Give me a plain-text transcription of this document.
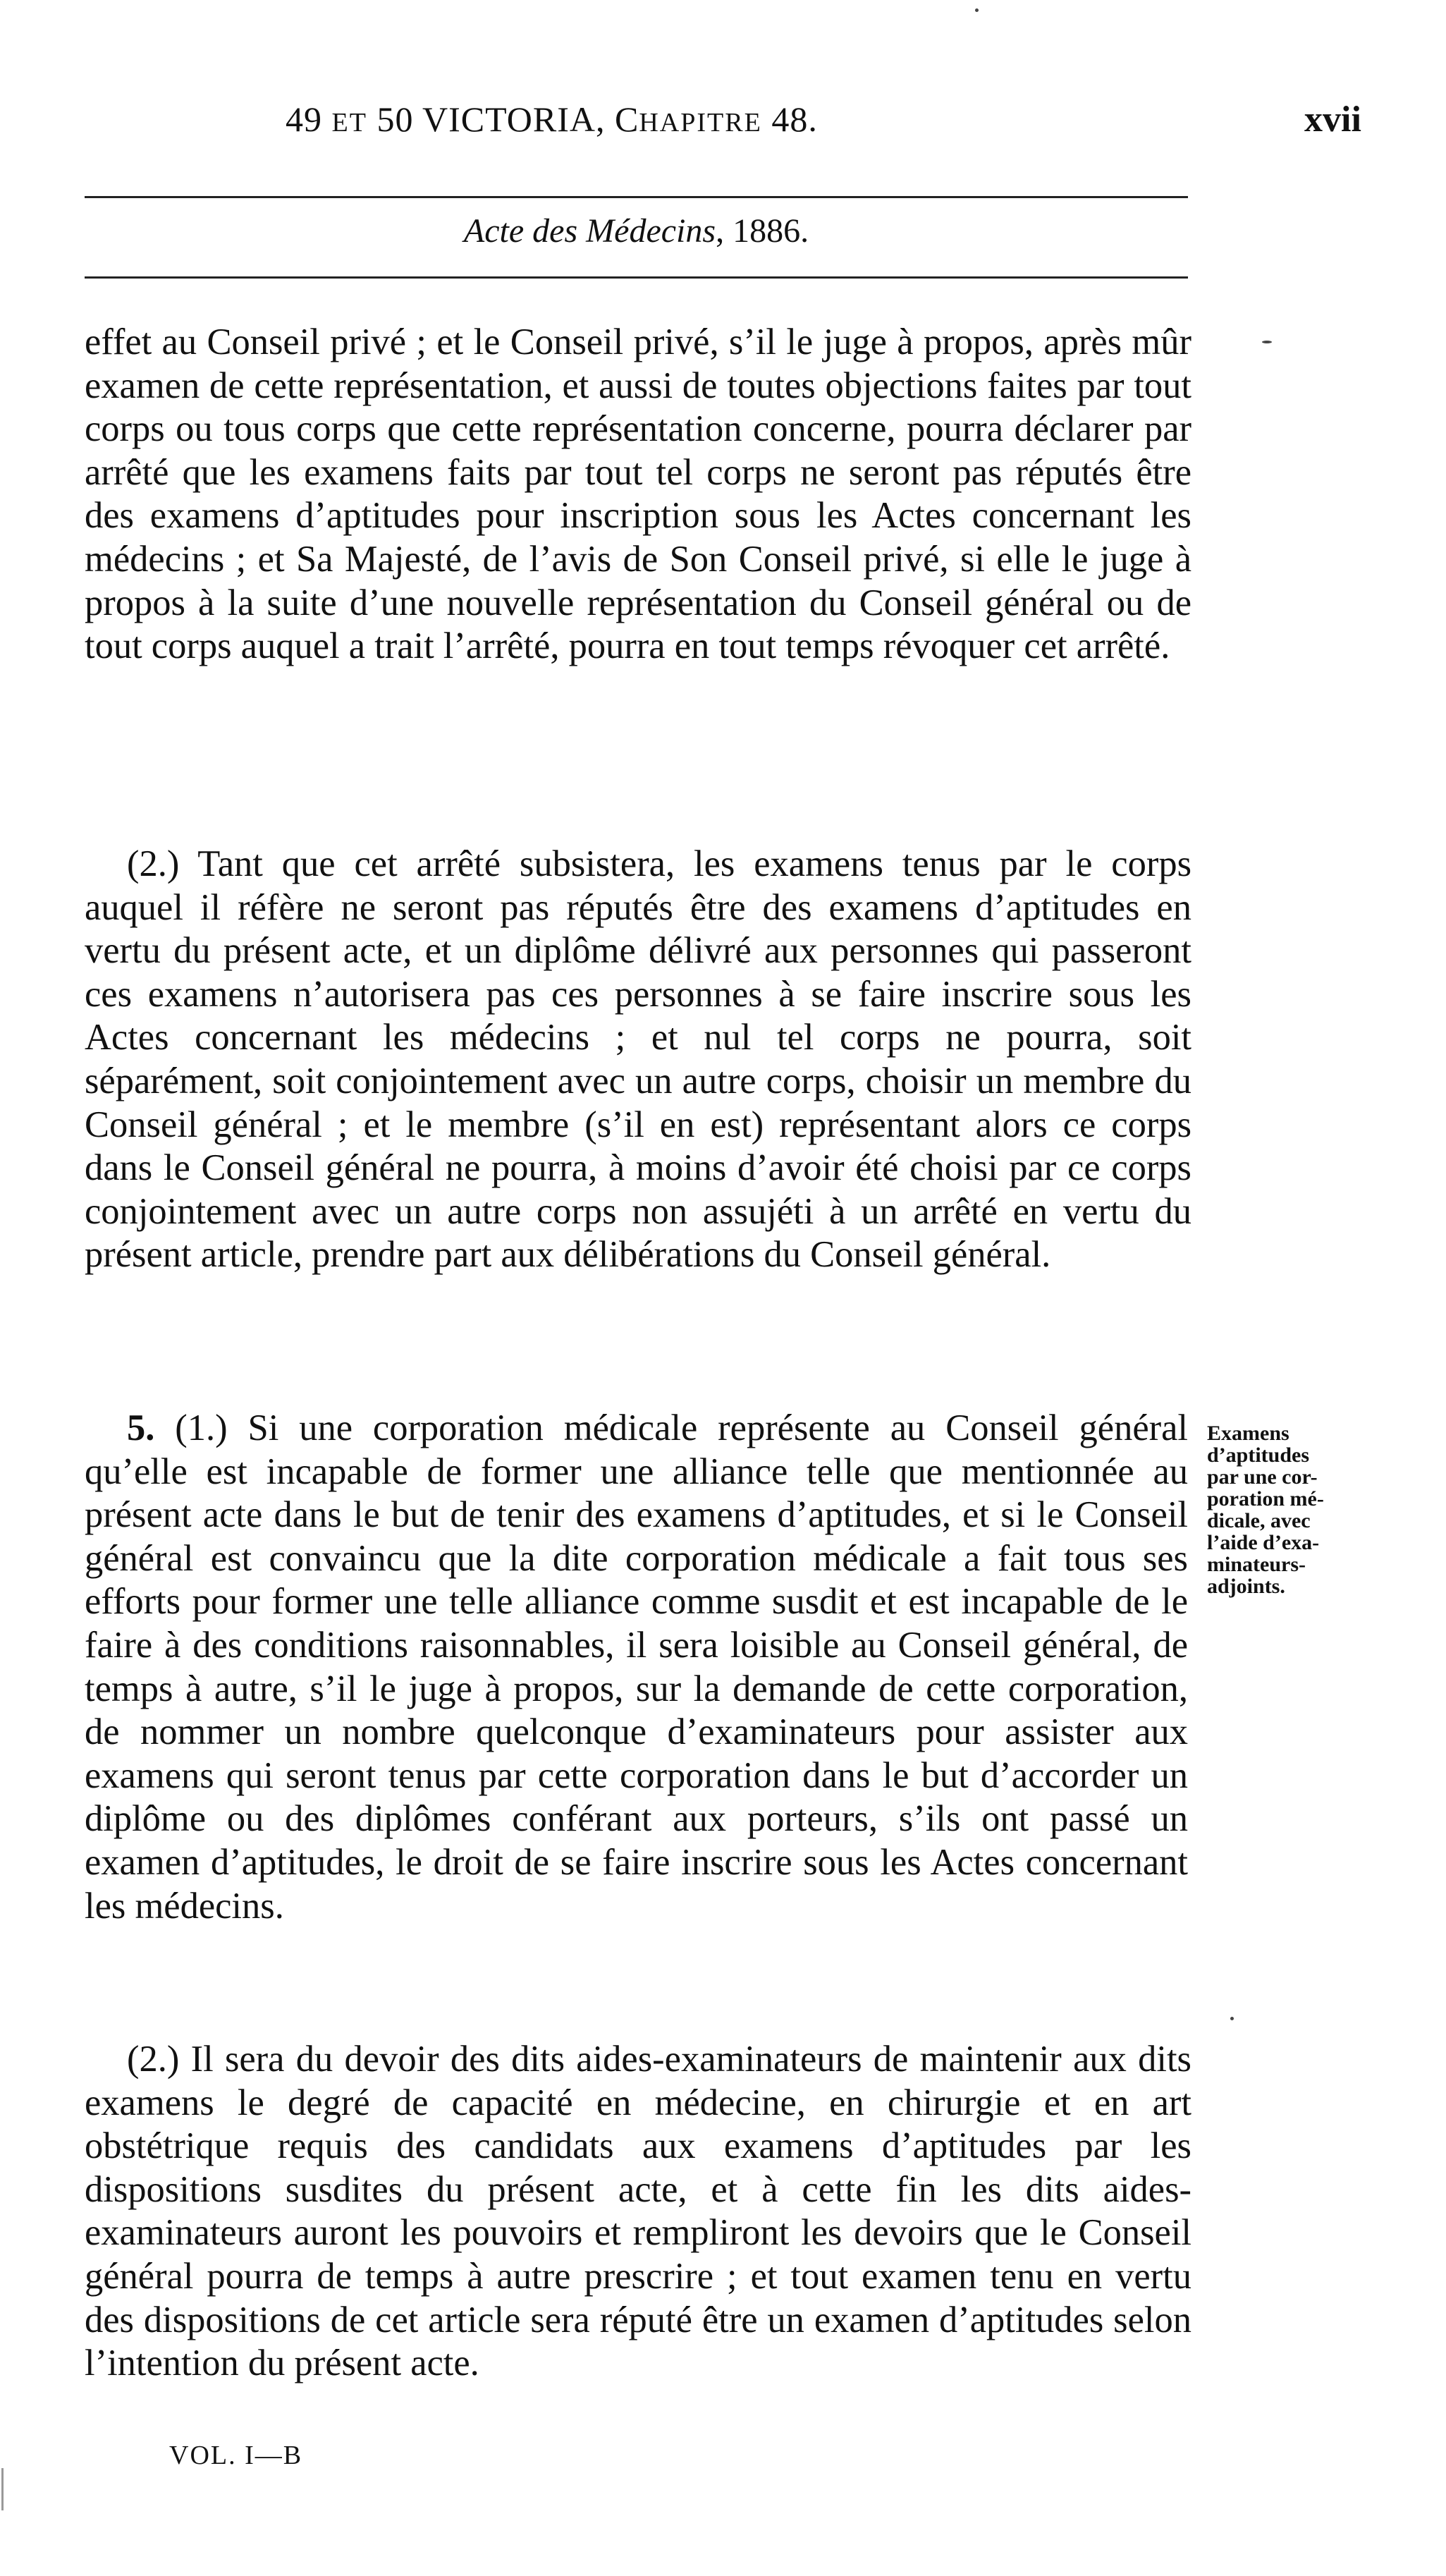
49 ET 50 VICTORIA, CHAPITRE 48.	xvii
Acte des Médecins, 1886.

effet au Conseil privé ; et le Conseil privé, s’il le juge à propos, après mûr examen de cette représentation, et aussi de toutes objections faites par tout corps ou tous corps que cette représentation concerne, pourra déclarer par arrêté que les examens faits par tout tel corps ne seront pas réputés être des examens d’aptitudes pour inscription sous les Actes concernant les médecins ; et Sa Majesté, de l’avis de Son Conseil privé, si elle le juge à propos à la suite d’une nouvelle représentation du Conseil général ou de tout corps auquel a trait l’arrêté, pourra en tout temps révoquer cet arrêté.

(2.) Tant que cet arrêté subsistera, les examens tenus par le corps auquel il réfère ne seront pas réputés être des examens d’aptitudes en vertu du présent acte, et un diplôme délivré aux personnes qui passeront ces examens n’autorisera pas ces personnes à se faire inscrire sous les Actes concernant les médecins ; et nul tel corps ne pourra, soit séparément, soit conjointement avec un autre corps, choisir un membre du Conseil général ; et le membre (s’il en est) représentant alors ce corps dans le Conseil général ne pourra, à moins d’avoir été choisi par ce corps conjointement avec un autre corps non assujéti à un arrêté en vertu du présent article, prendre part aux délibérations du Conseil général.

5. (1.) Si une corporation médicale représente au Conseil général qu’elle est incapable de former une alliance telle que mentionnée au présent acte dans le but de tenir des examens d’aptitudes, et si le Conseil général est convaincu que la dite corporation médicale a fait tous ses efforts pour former une telle alliance comme susdit et est incapable de le faire à des conditions raisonnables, il sera loisible au Conseil général, de temps à autre, s’il le juge à propos, sur la demande de cette corporation, de nommer un nombre quelconque d’examinateurs pour assister aux examens qui seront tenus par cette corporation dans le but d’accorder un diplôme ou des diplômes conférant aux porteurs, s’ils ont passé un examen d’aptitudes, le droit de se faire inscrire sous les Actes concernant les médecins.

Examens
d’aptitudes
par une cor-
poration mé-
dicale, avec
l’aide d’exa-
minateurs-
adjoints.

(2.) Il sera du devoir des dits aides-examinateurs de maintenir aux dits examens le degré de capacité en médecine, en chirurgie et en art obstétrique requis des candidats aux examens d’aptitudes par les dispositions susdites du présent acte, et à cette fin les dits aides-examinateurs auront les pouvoirs et rempliront les devoirs que le Conseil général pourra de temps à autre prescrire ; et tout examen tenu en vertu des dispositions de cet article sera réputé être un examen d’aptitudes selon l’intention du présent acte.

VOL. I—B
